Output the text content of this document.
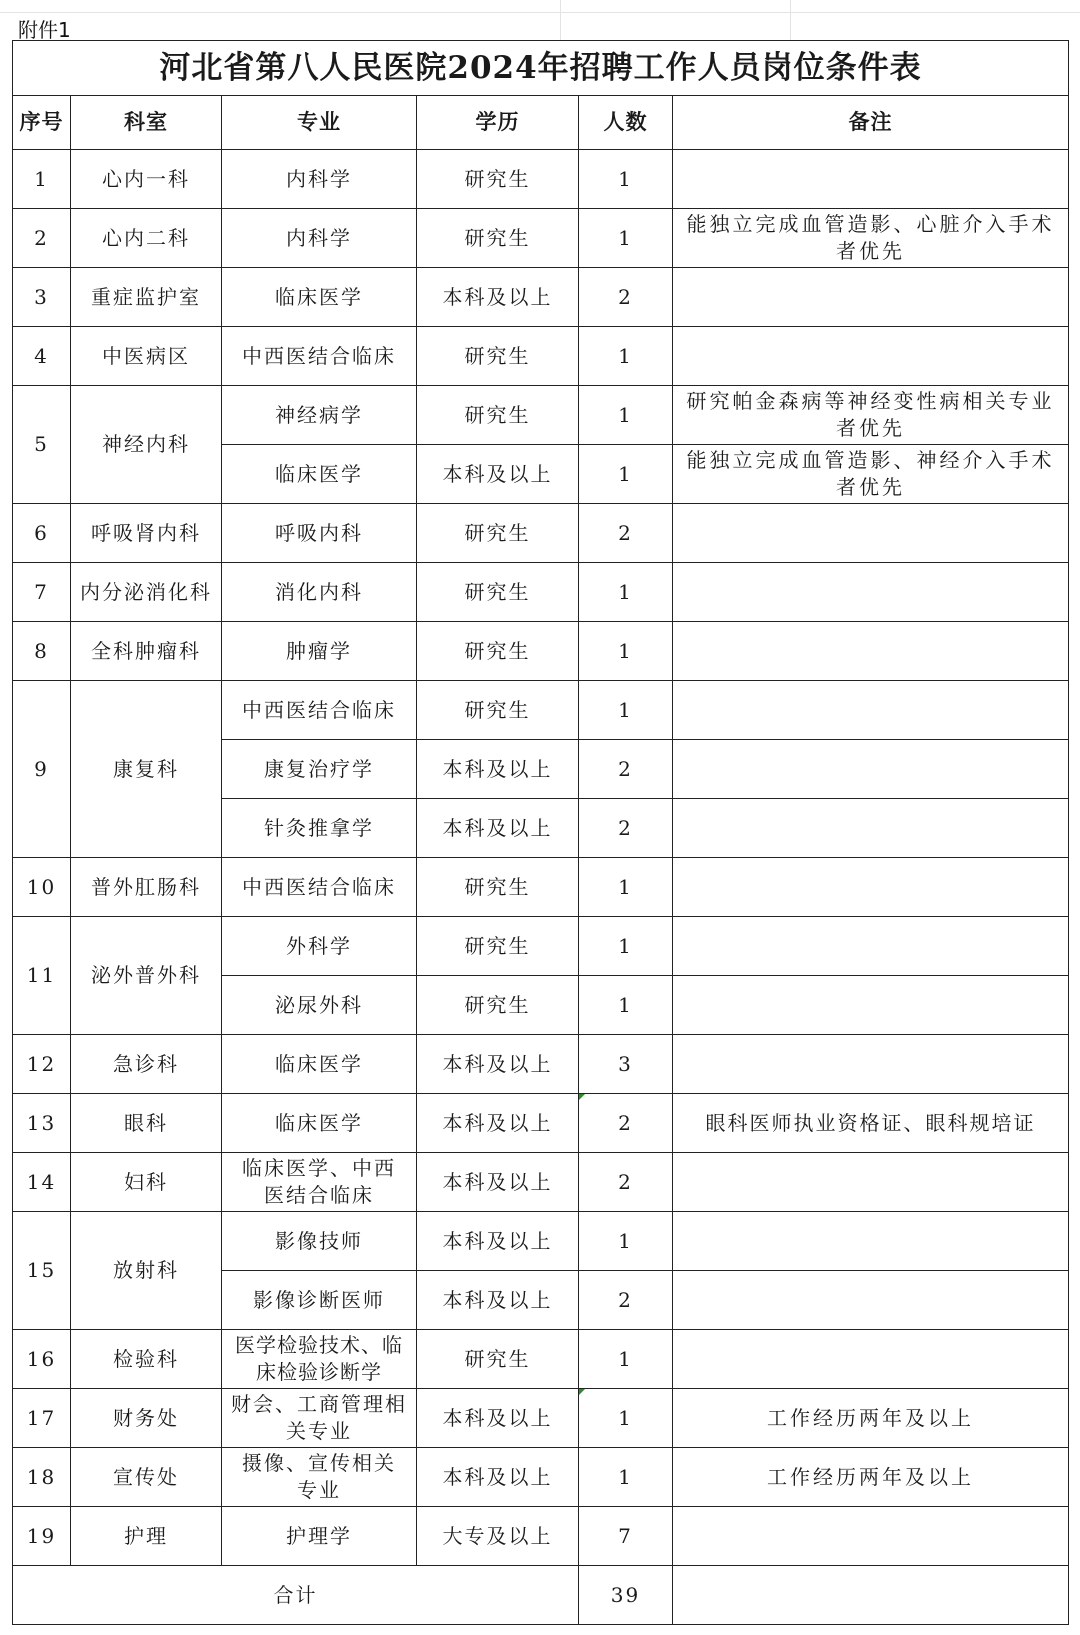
附件1
河北省第八人民医院2024年招聘工作人员岗位条件表					
序号	科室	专业	学历	人数	备注
1	心内一科	内科学	研究生	1	
2	心内二科	内科学	研究生	1	能独立完成血管造影、心脏介入手术者优先
3	重症监护室	临床医学	本科及以上	2	
4	中医病区	中西医结合临床	研究生	1	
5	神经内科	神经病学	研究生	1	研究帕金森病等神经变性病相关专业者优先
		临床医学	本科及以上	1	能独立完成血管造影、神经介入手术者优先
6	呼吸肾内科	呼吸内科	研究生	2	
7	内分泌消化科	消化内科	研究生	1	
8	全科肿瘤科	肿瘤学	研究生	1	
9	康复科	中西医结合临床	研究生	1	
		康复治疗学	本科及以上	2	
		针灸推拿学	本科及以上	2	
10	普外肛肠科	中西医结合临床	研究生	1	
11	泌外普外科	外科学	研究生	1	
		泌尿外科	研究生	1	
12	急诊科	临床医学	本科及以上	3	
13	眼科	临床医学	本科及以上	2	眼科医师执业资格证、眼科规培证
14	妇科	临床医学、中西医结合临床	本科及以上	2	
15	放射科	影像技师	本科及以上	1	
		影像诊断医师	本科及以上	2	
16	检验科	医学检验技术、临床检验诊断学	研究生	1	
17	财务处	财会、工商管理相关专业	本科及以上	1	工作经历两年及以上
18	宣传处	摄像、宣传相关专业	本科及以上	1	工作经历两年及以上
19	护理	护理学	大专及以上	7	
合计				39	
